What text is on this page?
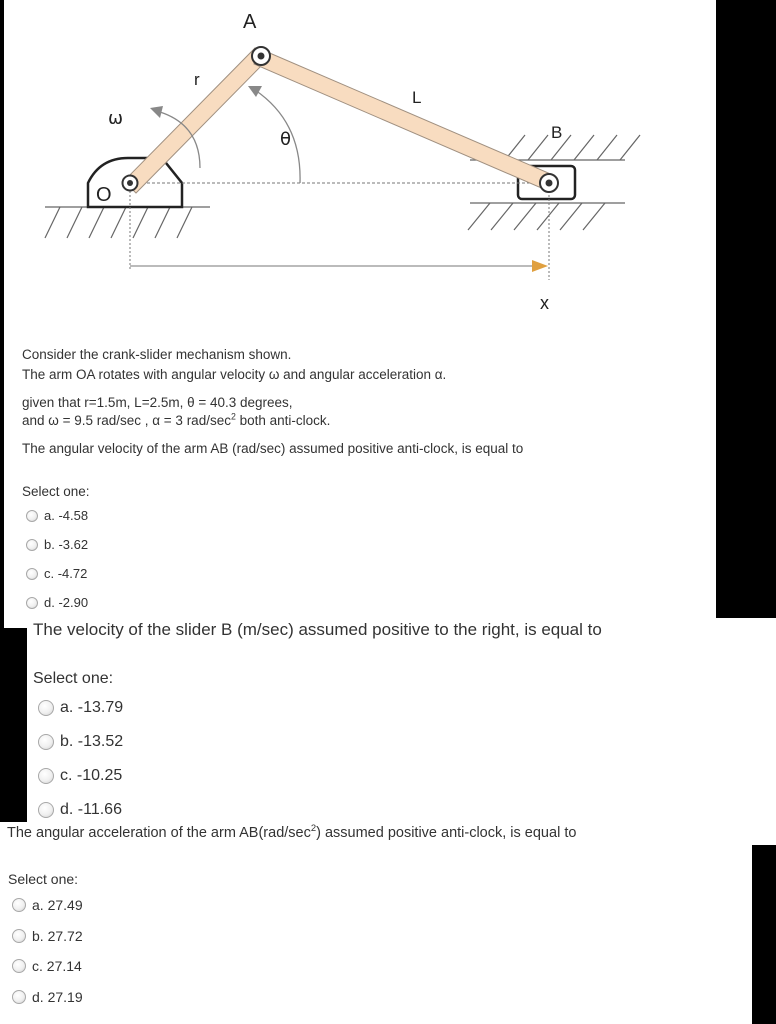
A
r
L
ω
θ	B
O
x
Consider the crank-slider mechanism shown.
The arm OA rotates with angular velocity ω and angular acceleration α.
given that r=1.5m, L=2.5m, θ = 40.3 degrees,
and ω = 9.5 rad/sec , α = 3 rad/$\sec^2$ both anti-clock.
The angular velocity of the arm AB (rad/sec) assumed positive anti-clock, is equal to
Select one:
a. -4.58
b. -3.62
c. -4.72
d. -2.90
The velocity of the slider B (m/sec) assumed positive to the right, is equal to
Select one:
a. -13.79
b. -13.52
c. -10.25
d. -11.66
The angular acceleration of the arm $AB(rad/\sec^2)$ assumed positive anti-clock, is equal to
Select one:
a. 27.49
b. 27.72
c. 27.14
d. 27.19
